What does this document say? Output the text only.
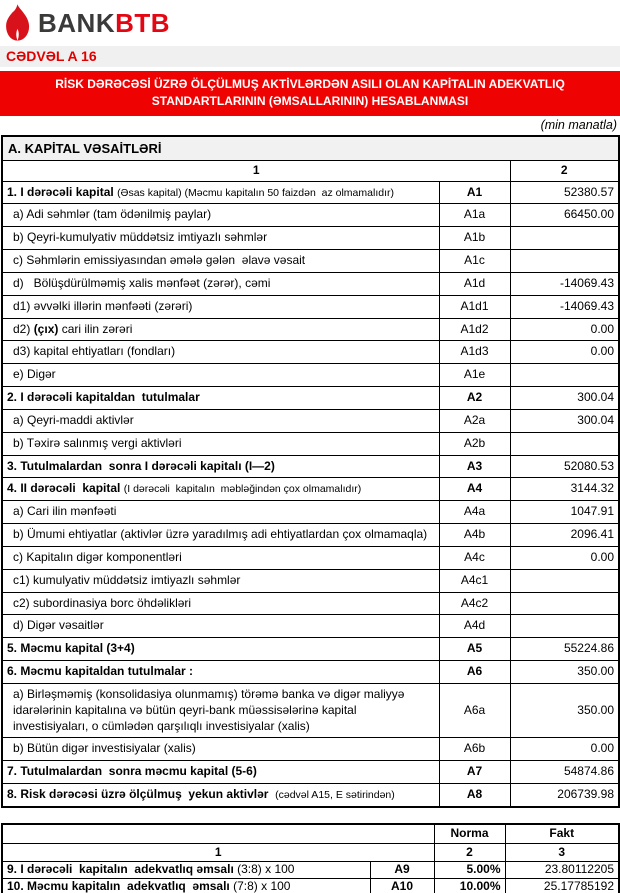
BANKBTB
CƏDVƏL A 16
RİSK DƏRƏCƏSİ ÜZRƏ ÖLÇÜLMUŞ AKTİVLƏRDƏN ASILI OLAN KAPİTALIN ADEKVATLIQ
STANDARTLARININ (ƏMSALLARININ) HESABLANMASI
(min manatla)
A. KAPİTAL VƏSAİTLƏRİ		
1		2
1. I dərəcəli kapital (Əsas kapital) (Məcmu kapitalın 50 faizdən  az olmamalıdır)	A1	52380.57
a) Adi səhmlər (tam ödənilmiş paylar)	A1a	66450.00
b) Qeyri-kumulyativ müddətsiz imtiyazlı səhmlər	A1b	
c) Səhmlərin emissiyasından əmələ gələn  əlavə vəsait	A1c	
d)   Bölüşdürülməmiş xalis mənfəət (zərər), cəmi	A1d	-14069.43
d1) əvvəlki illərin mənfəəti (zərəri)	A1d1	-14069.43
d2) (çıx) cari ilin zərəri	A1d2	0.00
d3) kapital ehtiyatları (fondları)	A1d3	0.00
e) Digər	A1e	
2. I dərəcəli kapitaldan  tutulmalar	A2	300.04
a) Qeyri-maddi aktivlər	A2a	300.04
b) Təxirə salınmış vergi aktivləri	A2b	
3. Tutulmalardan  sonra I dərəcəli kapitalı (I—2)	A3	52080.53
4. II dərəcəli  kapital (I dərəcəli  kapitalın  məbləğindən çox olmamalıdır)	A4	3144.32
a) Cari ilin mənfəəti	A4a	1047.91
b) Ümumi ehtiyatlar (aktivlər üzrə yaradılmış adi ehtiyatlardan çox olmamaqla)	A4b	2096.41
c) Kapitalın digər komponentləri	A4c	0.00
c1) kumulyativ müddətsiz imtiyazlı səhmlər	A4c1	
c2) subordinasiya borc öhdəlikləri	A4c2	
d) Digər vəsaitlər	A4d	
5. Məcmu kapital (3+4)	A5	55224.86
6. Məcmu kapitaldan tutulmalar :	A6	350.00
a) Birləşməmiş (konsolidasiya olunmamış) törəmə banka və digər maliyyə idarələrinin kapitalına və bütün qeyri-bank müəssisələrinə kapital investisiyaları, o cümlədən qarşılıqlı investisiyalar (xalis)	A6a	350.00
b) Bütün digər investisiyalar (xalis)	A6b	0.00
7. Tutulmalardan  sonra məcmu kapital (5-6)	A7	54874.86
8. Risk dərəcəsi üzrə ölçülmuş  yekun aktivlər  (cədvəl A15, E sətirindən)	A8	206739.98
		Norma	Fakt
1		2	3
9. I dərəcəli  kapitalın  adekvatlıq əmsalı (3:8) x 100	A9	5.00%	23.80112205
10. Məcmu kapitalın  adekvatlıq  əmsalı (7:8) x 100	A10	10.00%	25.17785192
